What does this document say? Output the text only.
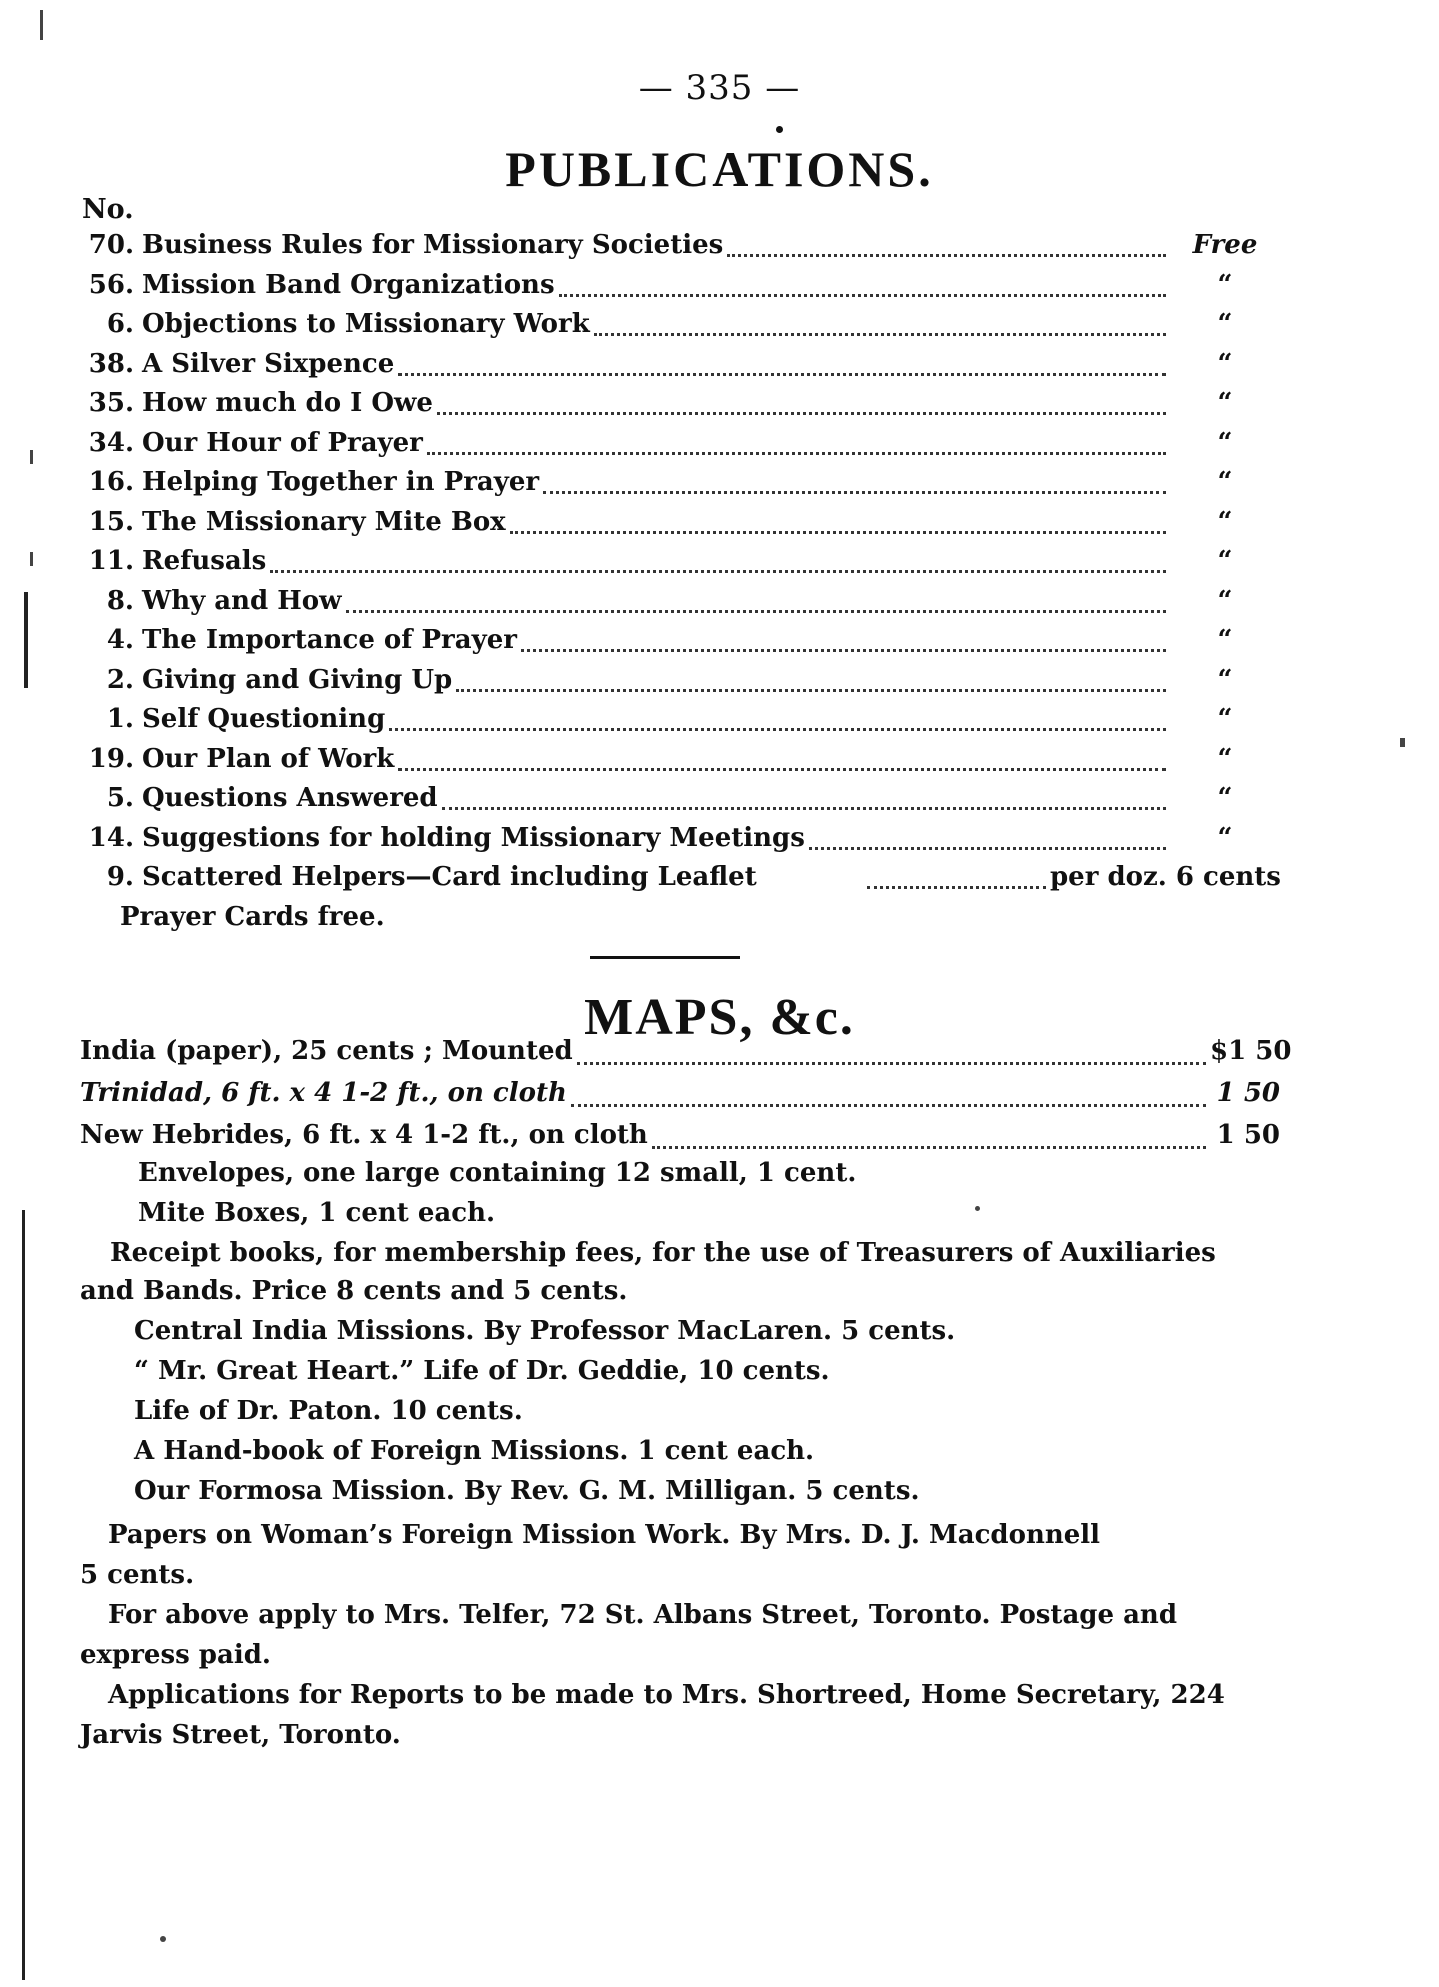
— 335 —
PUBLICATIONS.
No.
70. Business Rules for Missionary Societies	Free
56. Mission Band Organizations	“
6. Objections to Missionary Work	“
38. A Silver Sixpence	“
35. How much do I Owe	“
34. Our Hour of Prayer	“
16. Helping Together in Prayer	“
15. The Missionary Mite Box	“
11. Refusals	“
8. Why and How	“
4. The Importance of Prayer	“
2. Giving and Giving Up	“
1. Self Questioning	“
19. Our Plan of Work	“
5. Questions Answered	“
14. Suggestions for holding Missionary Meetings	“
9. Scattered Helpers—Card including Leaflet	per doz. 6 cents
Prayer Cards free.
MAPS, &c.
India (paper), 25 cents ; Mounted	$1 50
Trinidad, 6 ft. x 4 1-2 ft., on cloth	1 50
New Hebrides, 6 ft. x 4 1-2 ft., on cloth	1 50
Envelopes, one large containing 12 small, 1 cent.
Mite Boxes, 1 cent each.
Receipt books, for membership fees, for the use of Treasurers of Auxiliaries
and Bands. Price 8 cents and 5 cents.
Central India Missions. By Professor MacLaren. 5 cents.
“ Mr. Great Heart.” Life of Dr. Geddie, 10 cents.
Life of Dr. Paton. 10 cents.
A Hand-book of Foreign Missions. 1 cent each.
Our Formosa Mission. By Rev. G. M. Milligan. 5 cents.
Papers on Woman’s Foreign Mission Work. By Mrs. D. J. Macdonnell
5 cents.
For above apply to Mrs. Telfer, 72 St. Albans Street, Toronto. Postage and
express paid.
Applications for Reports to be made to Mrs. Shortreed, Home Secretary, 224
Jarvis Street, Toronto.
